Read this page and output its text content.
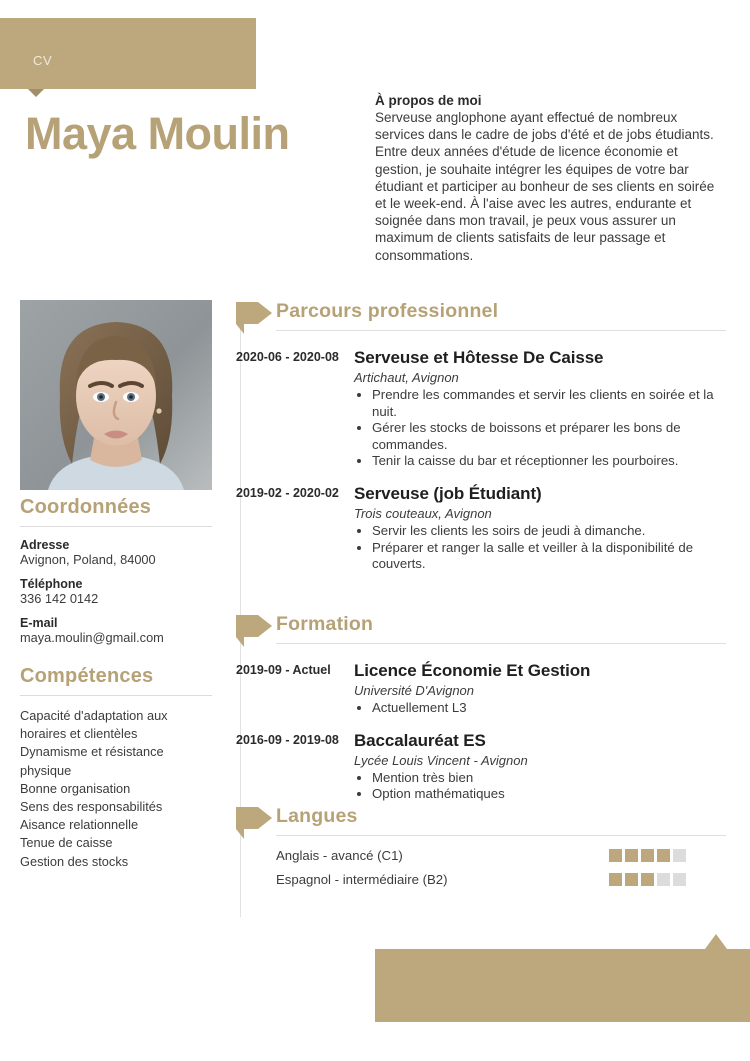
CV
Maya Moulin
À propos de moi
Serveuse anglophone ayant effectué de nombreux services dans le cadre de jobs d'été et de jobs étudiants. Entre deux années d'étude de licence économie et gestion, je souhaite intégrer les équipes de votre bar étudiant et participer au bonheur de ses clients en soirée et le week-end. À l'aise avec les autres, endurante et soignée dans mon travail, je peux vous assurer un maximum de clients satisfaits de leur passage et consommations.
Coordonnées
Adresse
Avignon, Poland, 84000
Téléphone
336 142 0142
E-mail
maya.moulin@gmail.com
Compétences
Capacité d'adaptation aux horaires et clientèles
Dynamisme et résistance physique
Bonne organisation
Sens des responsabilités
Aisance relationnelle
Tenue de caisse
Gestion des stocks
Parcours professionnel
2020-06 - 2020-08 Serveuse et Hôtesse De Caisse
Artichaut, Avignon
• Prendre les commandes et servir les clients en soirée et la nuit.
• Gérer les stocks de boissons et préparer les bons de commandes.
• Tenir la caisse du bar et réceptionner les pourboires.
2019-02 - 2020-02 Serveuse (job Étudiant)
Trois couteaux, Avignon
• Servir les clients les soirs de jeudi à dimanche.
• Préparer et ranger la salle et veiller à la disponibilité de couverts.
Formation
2019-09 - Actuel	Licence Économie Et Gestion
Université D'Avignon
• Actuellement L3
2016-09 - 2019-08 Baccalauréat ES
Lycée Louis Vincent - Avignon
• Mention très bien
• Option mathématiques
Langues
Anglais - avancé (C1)
Espagnol - intermédiaire (B2)
